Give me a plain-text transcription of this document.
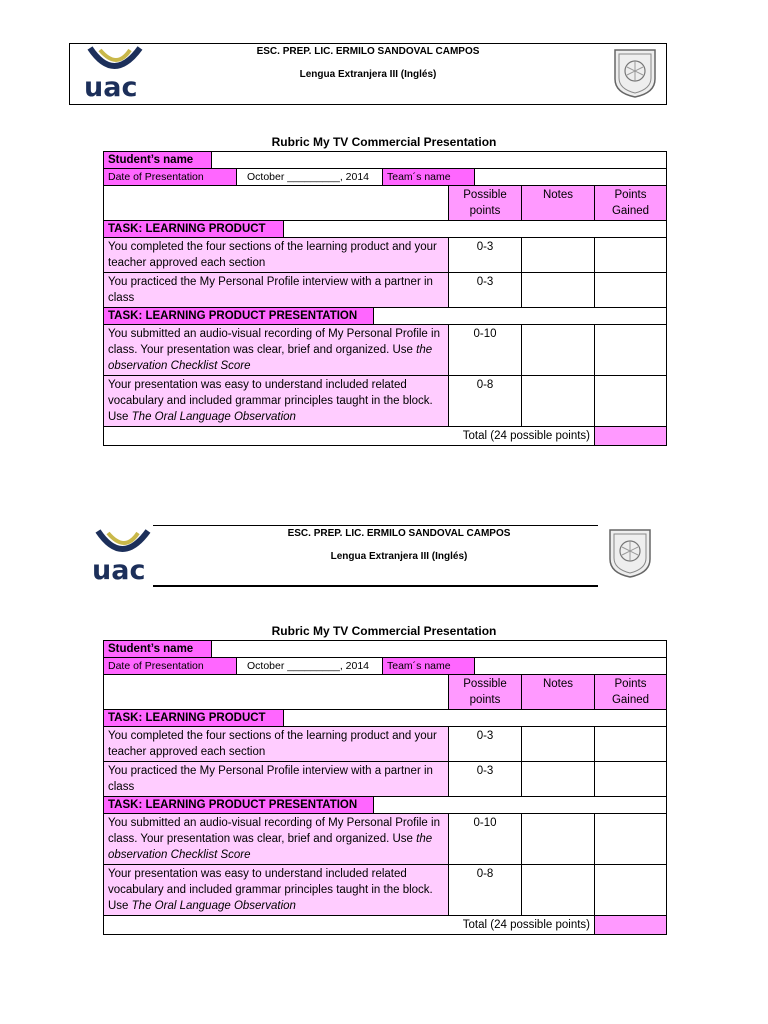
uac
ESC. PREP. LIC. ERMILO SANDOVAL CAMPOS
Lengua Extranjera III (Inglés)
Rubric My TV Commercial Presentation
Student’s name			

Date of Presentation October _________, 2014 Team´s name			

	Possible points	Notes	Points Gained

TASK: LEARNING PRODUCT			

You completed the four sections of the learning product and your teacher approved each section	0-3		
You practiced the My Personal Profile interview with a partner in class	0-3		

TASK: LEARNING PRODUCT PRESENTATION			

You submitted an audio-visual recording of My Personal Profile in class. Your presentation was clear, brief and organized. Use the observation Checklist Score	0-10		
Your presentation was easy to understand included related vocabulary and included grammar principles taught in the block. Use The Oral Language Observation	0-8		
Total (24 possible points)			
uac
ESC. PREP. LIC. ERMILO SANDOVAL CAMPOS
Lengua Extranjera III (Inglés)
Rubric My TV Commercial Presentation
Student’s name			

Date of Presentation October _________, 2014 Team´s name			

	Possible points	Notes	Points Gained

TASK: LEARNING PRODUCT			

You completed the four sections of the learning product and your teacher approved each section	0-3		
You practiced the My Personal Profile interview with a partner in class	0-3		

TASK: LEARNING PRODUCT PRESENTATION			

You submitted an audio-visual recording of My Personal Profile in class. Your presentation was clear, brief and organized. Use the observation Checklist Score	0-10		
Your presentation was easy to understand included related vocabulary and included grammar principles taught in the block. Use The Oral Language Observation	0-8		
Total (24 possible points)			
